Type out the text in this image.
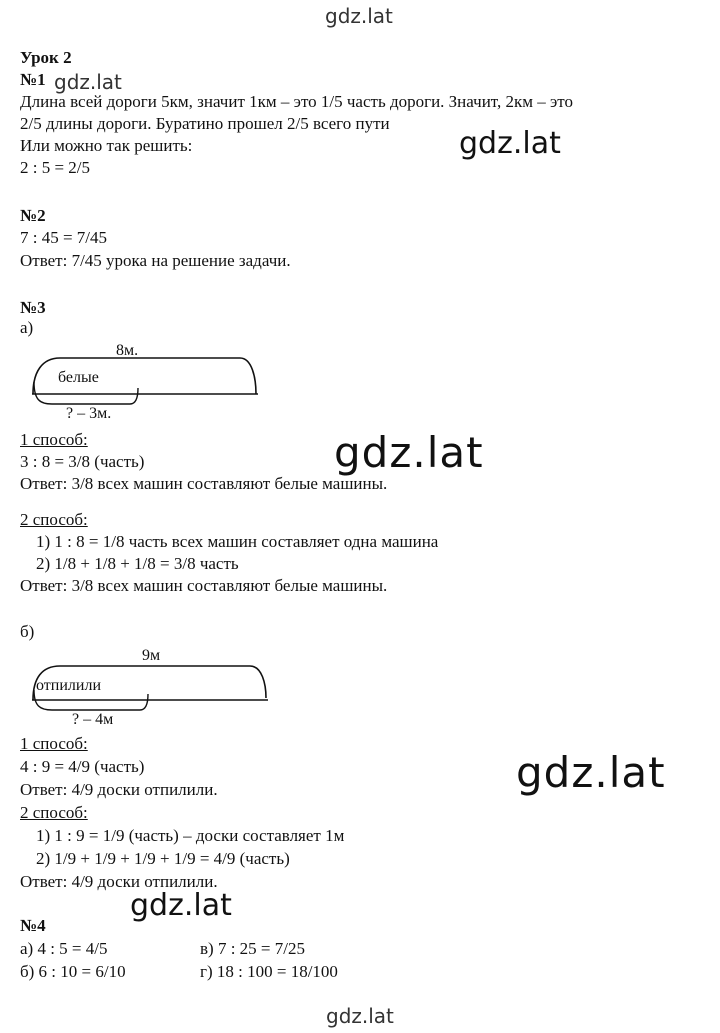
gdz.lat
gdz.lat
gdz.lat
gdz.lat
gdz.lat
gdz.lat
Урок 2
№1 gdz.lat
Длина всей дороги 5км, значит 1км – это 1/5 часть дороги. Значит, 2км – это
2/5 длины дороги. Буратино прошел 2/5 всего пути
Или можно так решить:
2 : 5 = 2/5
№2
7 : 45 = 7/45
Ответ: 7/45 урока на решение задачи.
№3
а)
8м.
белые
? – 3м.
1 способ:
3 : 8 = 3/8 (часть)
Ответ: 3/8 всех машин составляют белые машины.
2 способ:
1) 1 : 8 = 1/8 часть всех машин составляет одна машина
2) 1/8 + 1/8 + 1/8 = 3/8 часть
Ответ: 3/8 всех машин составляют белые машины.
б)
9м
отпилили
? – 4м
1 способ:
4 : 9 = 4/9 (часть)
Ответ: 4/9 доски отпилили.
2 способ:
1) 1 : 9 = 1/9 (часть) – доски составляет 1м
2) 1/9 + 1/9 + 1/9 + 1/9 = 4/9 (часть)
Ответ: 4/9 доски отпилили.
№4
а) 4 : 5 = 4/5	в) 7 : 25 = 7/25
б) 6 : 10 = 6/10	г) 18 : 100 = 18/100
